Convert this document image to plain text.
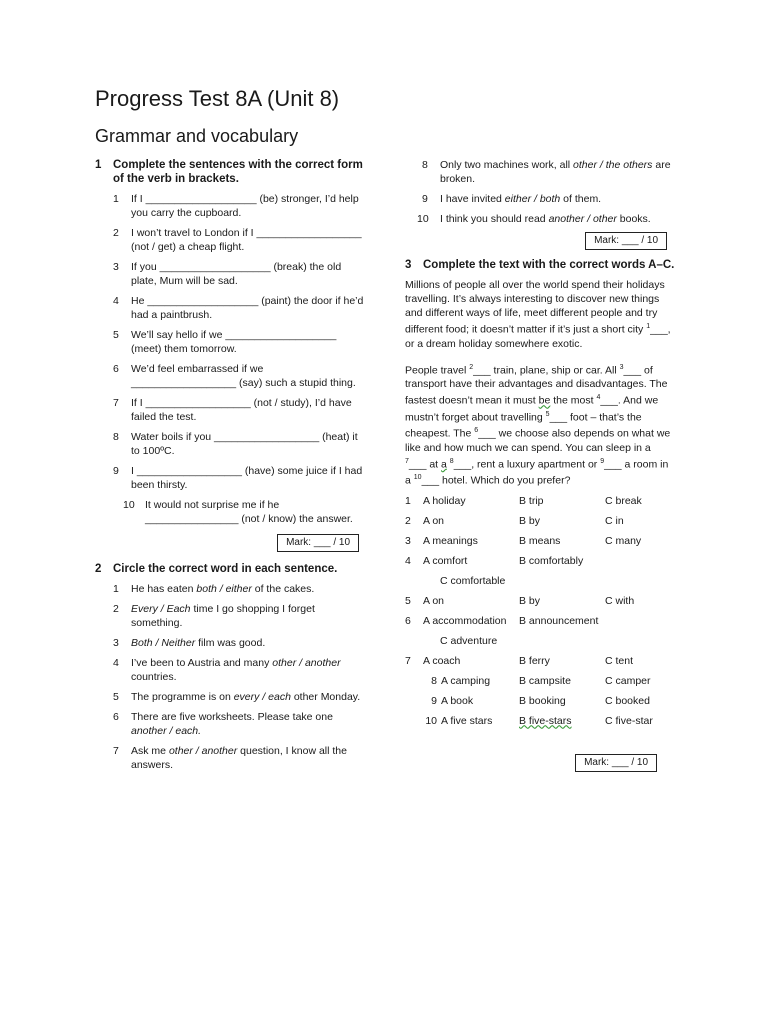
Progress Test 8A (Unit 8)
Grammar and vocabulary
1 Complete the sentences with the correct form of the verb in brackets.
1 If I ___________________ (be) stronger, I’d help you carry the cupboard.
2 I won’t travel to London if I __________________ (not / get) a cheap flight.
3 If you ___________________ (break) the old plate, Mum will be sad.
4 He ___________________ (paint) the door if he’d had a paintbrush.
5 We’ll say hello if we ___________________ (meet) them tomorrow.
6 We’d feel embarrassed if we __________________ (say) such a stupid thing.
7 If I __________________ (not / study), I’d have failed the test.
8 Water boils if you __________________ (heat) it to 100ºC.
9 I __________________ (have) some juice if I had been thirsty.
10 It would not surprise me if he ________________ (not / know) the answer.
Mark: ___ / 10
2 Circle the correct word in each sentence.
1 He has eaten both / either of the cakes.
2 Every / Each time I go shopping I forget something.
3 Both / Neither film was good.
4 I’ve been to Austria and many other / another countries.
5 The programme is on every / each other Monday.
6 There are five worksheets. Please take one another / each.
7 Ask me other / another question, I know all the answers.
8 Only two machines work, all other / the others are broken.
9 I have invited either / both of them.
10 I think you should read another / other books.
Mark: ___ / 10
3 Complete the text with the correct words A–C.
Millions of people all over the world spend their holidays travelling. It’s always interesting to discover new things and different ways of life, meet different people and try different food; it doesn’t matter if it’s just a short city $^1$___, or a dream holiday somewhere exotic.
People travel $^2$___ train, plane, ship or car. All $^3$___ of transport have their advantages and disadvantages. The fastest doesn’t mean it must be the most $^4$___. And we mustn’t forget about travelling $^5$___ foot – that’s the cheapest. The $^6$___ we choose also depends on what we like and how much we can spend. You can sleep in a $^7$___ at a $^8$___, rent a luxury apartment or $^9$___ a room in a $^{10}$___ hotel. Which do you prefer?
1	A holiday	B trip	C break
2	A on	B by	C in
3	A meanings	B means	C many
4	A comfort	B comfortably
C comfortable
5	A on	B by	C with
6	A accommodation	B announcement
C adventure
7	A coach	B ferry	C tent
8 A camping	B campsite	C camper
9 A book	B booking	C booked
10 A five stars	B five-stars	C five-star
Mark: ___ / 10
